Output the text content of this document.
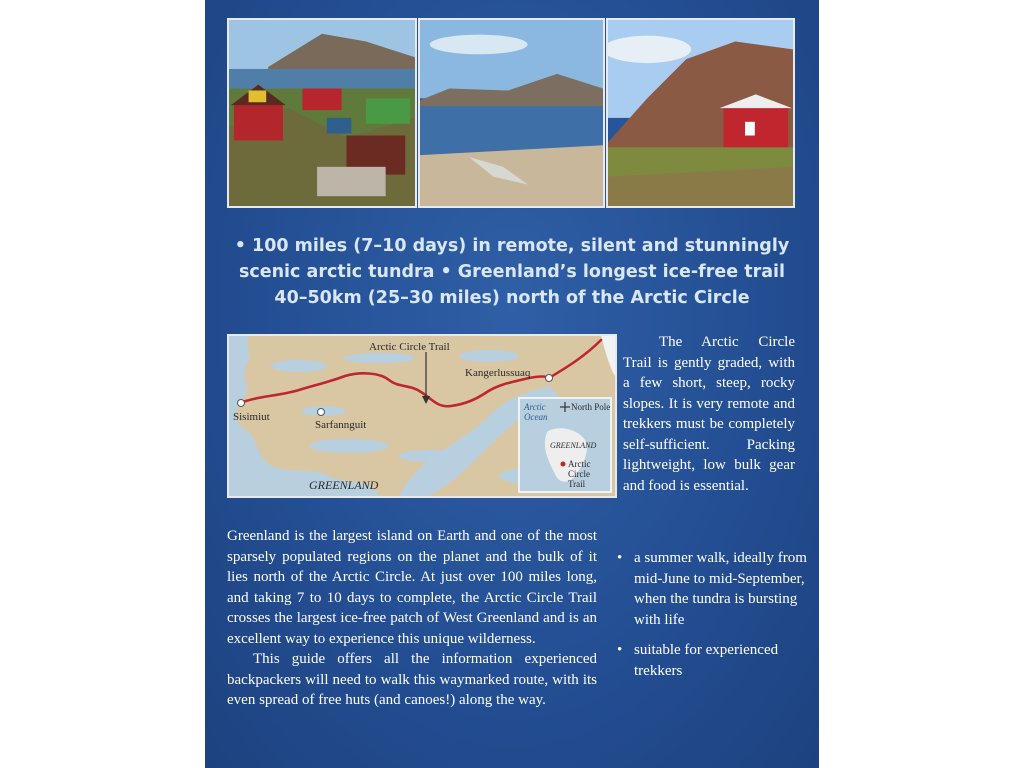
• 100 miles (7–10 days) in remote, silent and stunningly
scenic arctic tundra • Greenland’s longest ice-free trail
40–50km (25–30 miles) north of the Arctic Circle
Arctic Circle Trail
Sisimiut
Sarfannguit
Kangerlussuaq
GREENLAND
Arctic
Ocean
North Pole
GREENLAND
Arctic
Circle
Trail
The Arctic Circle Trail is gently graded, with a few short, steep, rocky slopes. It is very remote and trekkers must be completely self-sufficient. Packing lightweight, low bulk gear and food is essential.
• a summer walk, ideally from mid-June to mid-September, when the tundra is bursting with life
• suitable for experienced trekkers

Greenland is the largest island on Earth and one of the most sparsely populated regions on the planet and the bulk of it lies north of the Arctic Circle. At just over 100 miles long, and taking 7 to 10 days to complete, the Arctic Circle Trail crosses the largest ice-free patch of West Greenland and is an excellent way to experience this unique wilderness.

This guide offers all the information experienced backpackers will need to walk this waymarked route, with its even spread of free huts (and canoes!) along the way.
